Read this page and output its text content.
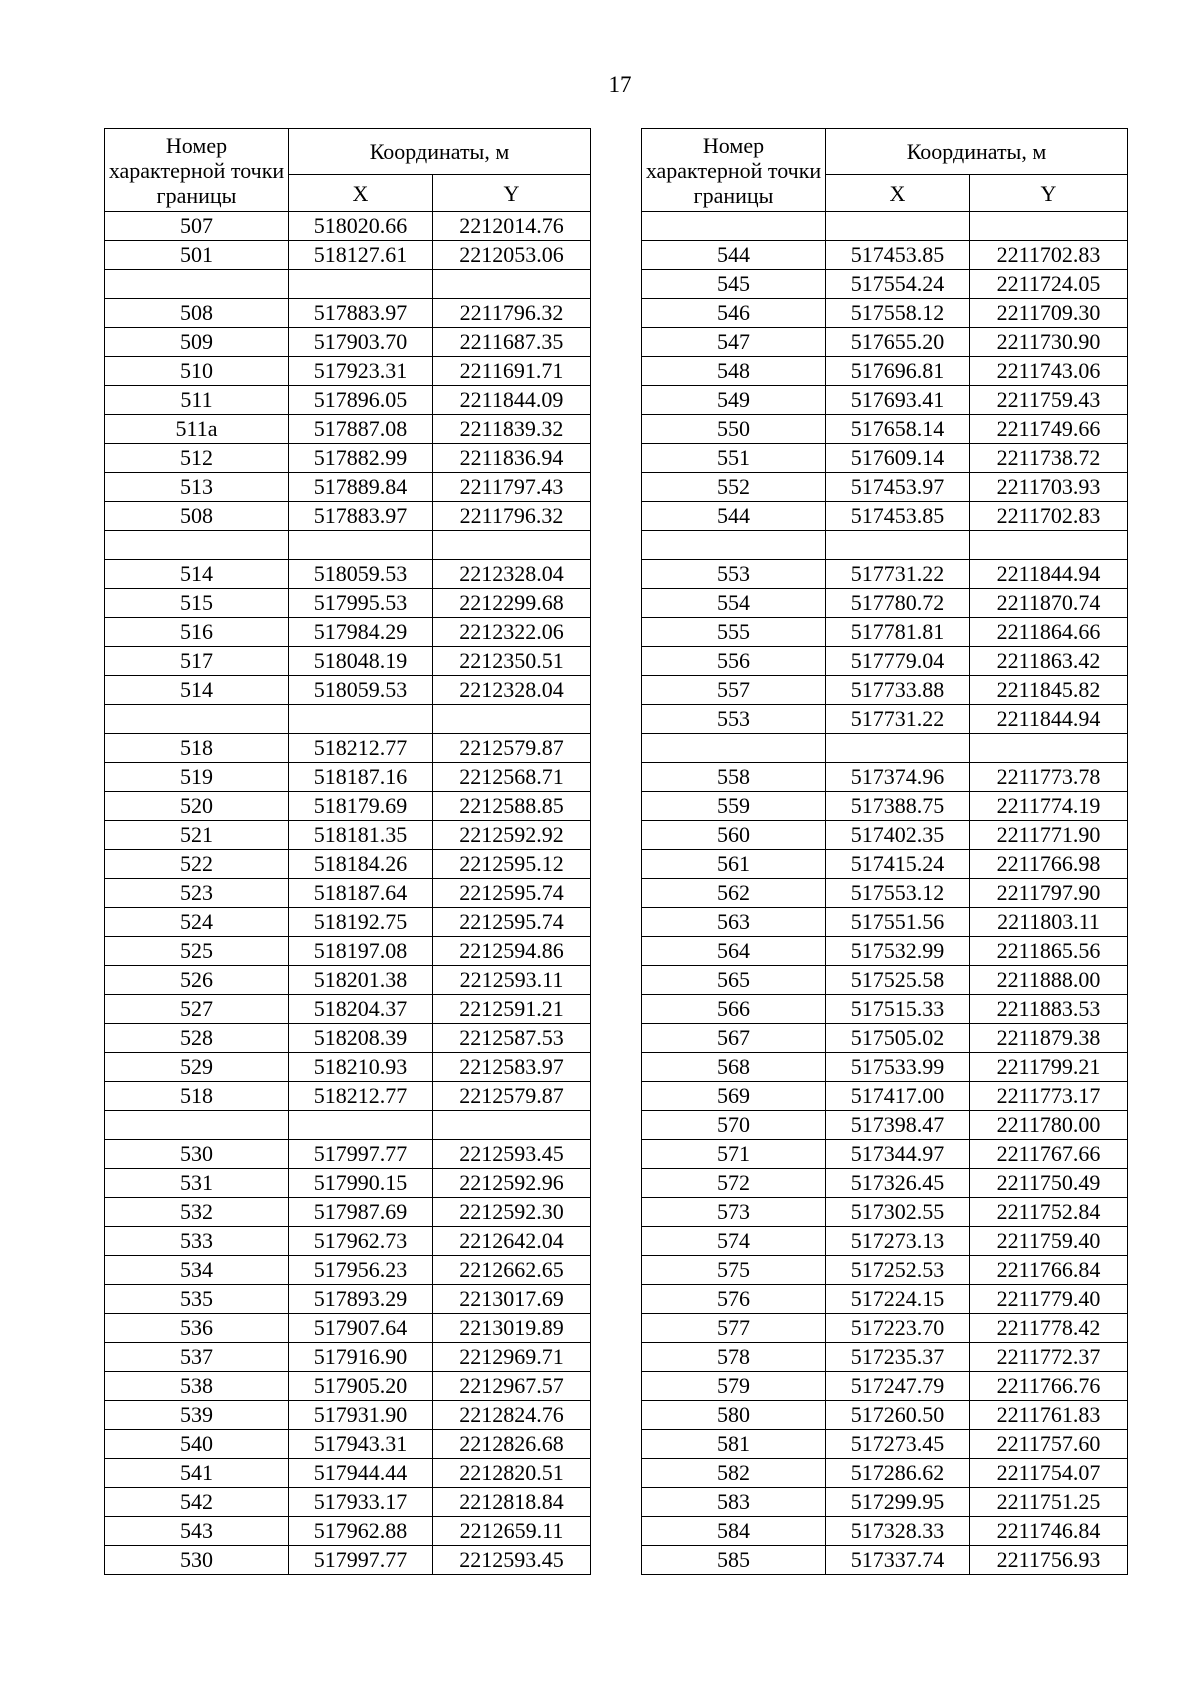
17
Номер характерной точки границы	Координаты, м	
	X	Y
507	518020.66	2212014.76
501	518127.61	2212053.06

508	517883.97	2211796.32
509	517903.70	2211687.35
510	517923.31	2211691.71
511	517896.05	2211844.09
511а	517887.08	2211839.32
512	517882.99	2211836.94
513	517889.84	2211797.43
508	517883.97	2211796.32

514	518059.53	2212328.04
515	517995.53	2212299.68
516	517984.29	2212322.06
517	518048.19	2212350.51
514	518059.53	2212328.04

518	518212.77	2212579.87
519	518187.16	2212568.71
520	518179.69	2212588.85
521	518181.35	2212592.92
522	518184.26	2212595.12
523	518187.64	2212595.74
524	518192.75	2212595.74
525	518197.08	2212594.86
526	518201.38	2212593.11
527	518204.37	2212591.21
528	518208.39	2212587.53
529	518210.93	2212583.97
518	518212.77	2212579.87

530	517997.77	2212593.45
531	517990.15	2212592.96
532	517987.69	2212592.30
533	517962.73	2212642.04
534	517956.23	2212662.65
535	517893.29	2213017.69
536	517907.64	2213019.89
537	517916.90	2212969.71
538	517905.20	2212967.57
539	517931.90	2212824.76
540	517943.31	2212826.68
541	517944.44	2212820.51
542	517933.17	2212818.84
543	517962.88	2212659.11
530	517997.77	2212593.45
Номер характерной точки границы	Координаты, м	
	X	Y

544	517453.85	2211702.83
545	517554.24	2211724.05
546	517558.12	2211709.30
547	517655.20	2211730.90
548	517696.81	2211743.06
549	517693.41	2211759.43
550	517658.14	2211749.66
551	517609.14	2211738.72
552	517453.97	2211703.93
544	517453.85	2211702.83

553	517731.22	2211844.94
554	517780.72	2211870.74
555	517781.81	2211864.66
556	517779.04	2211863.42
557	517733.88	2211845.82
553	517731.22	2211844.94

558	517374.96	2211773.78
559	517388.75	2211774.19
560	517402.35	2211771.90
561	517415.24	2211766.98
562	517553.12	2211797.90
563	517551.56	2211803.11
564	517532.99	2211865.56
565	517525.58	2211888.00
566	517515.33	2211883.53
567	517505.02	2211879.38
568	517533.99	2211799.21
569	517417.00	2211773.17
570	517398.47	2211780.00
571	517344.97	2211767.66
572	517326.45	2211750.49
573	517302.55	2211752.84
574	517273.13	2211759.40
575	517252.53	2211766.84
576	517224.15	2211779.40
577	517223.70	2211778.42
578	517235.37	2211772.37
579	517247.79	2211766.76
580	517260.50	2211761.83
581	517273.45	2211757.60
582	517286.62	2211754.07
583	517299.95	2211751.25
584	517328.33	2211746.84
585	517337.74	2211756.93
